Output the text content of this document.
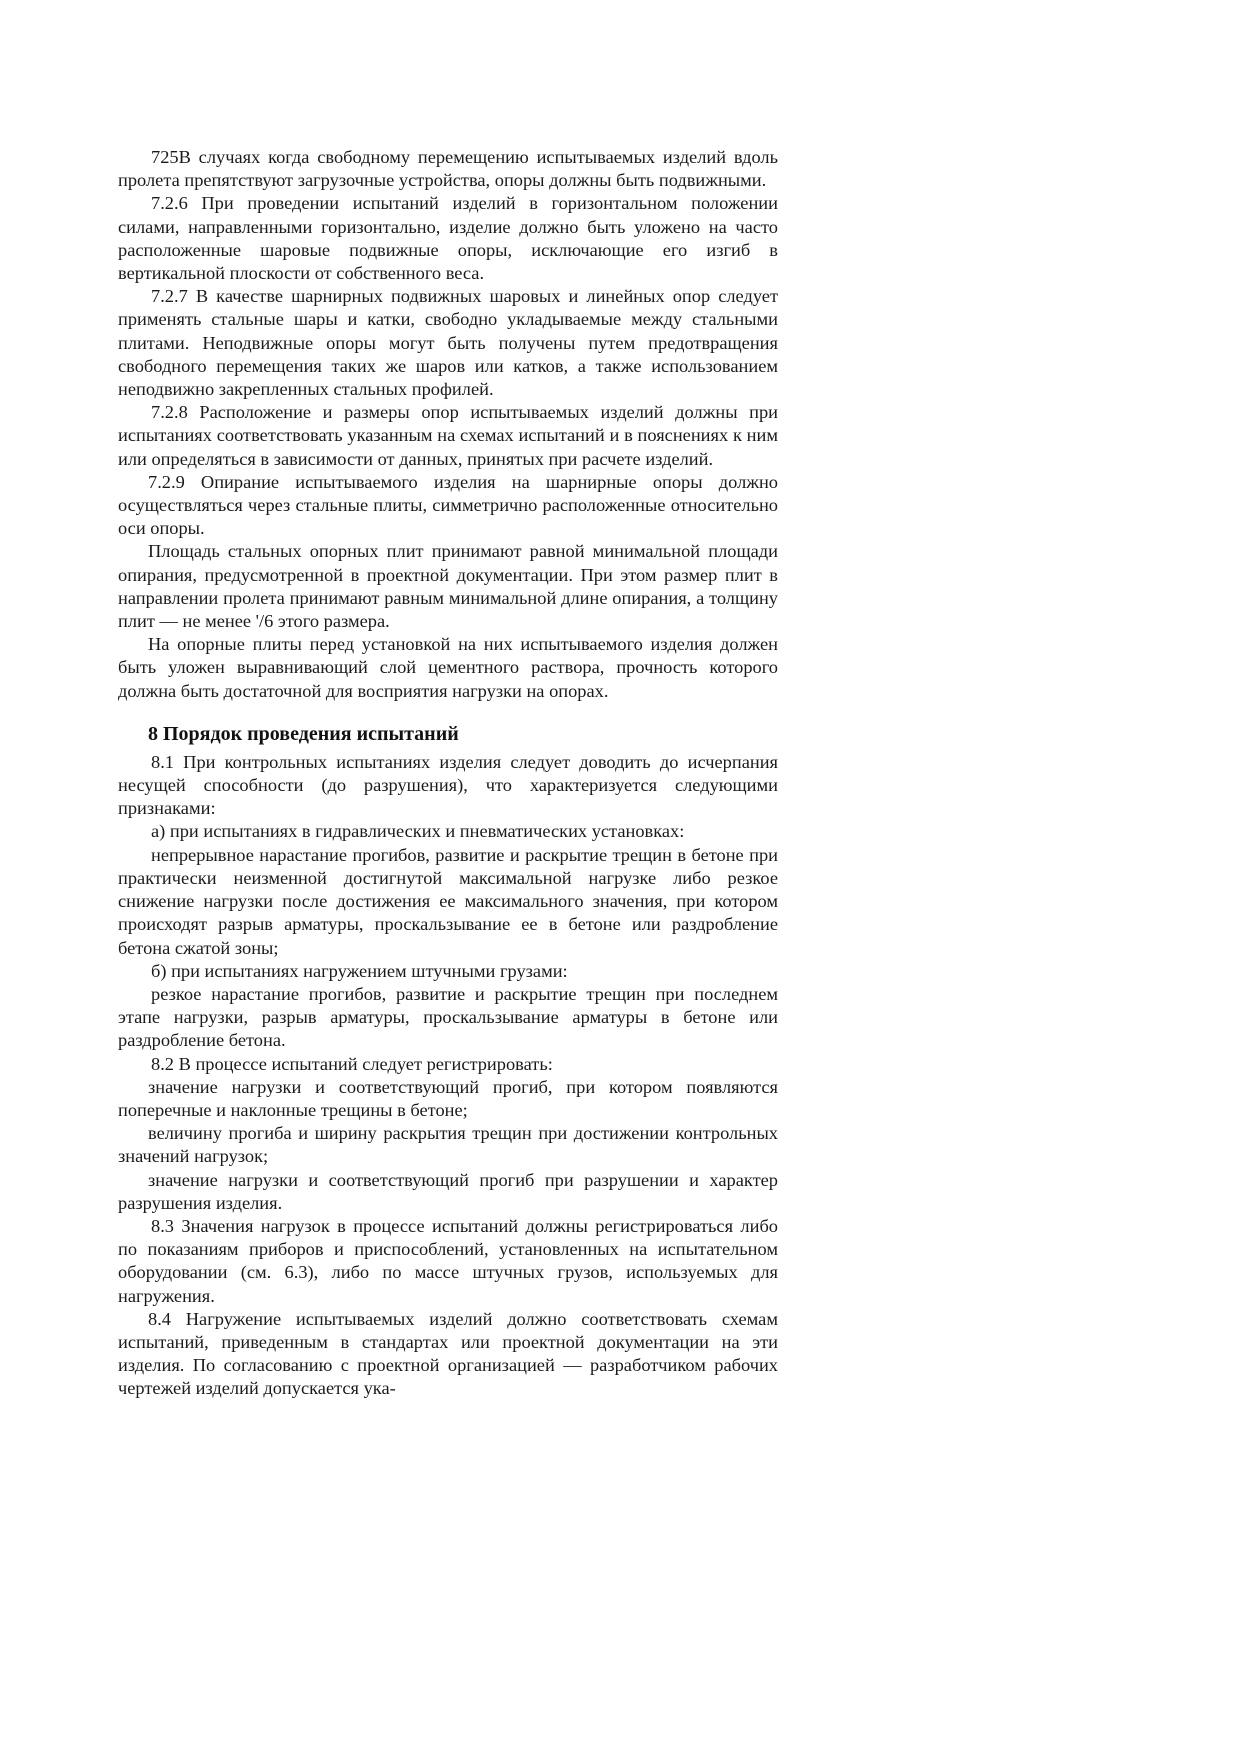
725В случаях когда свободному перемещению испытываемых изделий вдоль пролета препятствуют загрузочные устройства, опоры должны быть подвижными.

7.2.6 При проведении испытаний изделий в горизонтальном положении силами, направленными горизонтально, изделие должно быть уложено на часто расположенные шаровые подвижные опоры, исключающие его изгиб в вертикальной плоскости от собственного веса.

7.2.7 В качестве шарнирных подвижных шаровых и линейных опор следует применять стальные шары и катки, свободно укладываемые между стальными плитами. Неподвижные опоры могут быть получены путем предотвращения свободного перемещения таких же шаров или катков, а также использованием неподвижно закрепленных стальных профилей.

7.2.8 Расположение и размеры опор испытываемых изделий должны при испытаниях соответствовать указанным на схемах испытаний и в пояснениях к ним или определяться в зависимости от данных, принятых при расчете изделий.

7.2.9 Опирание испытываемого изделия на шарнирные опоры должно осуществляться через стальные плиты, симметрично расположенные относительно оси опоры.

Площадь стальных опорных плит принимают равной минимальной площади опирания, предусмотренной в проектной документации. При этом размер плит в направлении пролета принимают равным минимальной длине опирания, а толщину плит — не менее '/6 этого размера.

На опорные плиты перед установкой на них испытываемого изделия должен быть уложен выравнивающий слой цементного раствора, прочность которого должна быть достаточной для восприятия нагрузки на опорах.

8 Порядок проведения испытаний

8.1 При контрольных испытаниях изделия следует доводить до исчерпания несущей способности (до разрушения), что характеризуется следующими признаками:

а) при испытаниях в гидравлических и пневматических установках:

непрерывное нарастание прогибов, развитие и раскрытие трещин в бетоне при практически неизменной достигнутой максимальной нагрузке либо резкое снижение нагрузки после достижения ее максимального значения, при котором происходят разрыв арматуры, проскальзывание ее в бетоне или раздробление бетона сжатой зоны;

б) при испытаниях нагружением штучными грузами:

резкое нарастание прогибов, развитие и раскрытие трещин при последнем этапе нагрузки, разрыв арматуры, проскальзывание арматуры в бетоне или раздробление бетона.

8.2 В процессе испытаний следует регистрировать:

значение нагрузки и соответствующий прогиб, при котором появляются поперечные и наклонные трещины в бетоне;

величину прогиба и ширину раскрытия трещин при достижении контрольных значений нагрузок;

значение нагрузки и соответствующий прогиб при разрушении и характер разрушения изделия.

8.3 Значения нагрузок в процессе испытаний должны регистрироваться либо по показаниям приборов и приспособлений, установленных на испытательном оборудовании (см. 6.3), либо по массе штучных грузов, используемых для нагружения.

8.4 Нагружение испытываемых изделий должно соответствовать схемам испытаний, приведенным в стандартах или проектной документации на эти изделия. По согласованию с проектной организацией — разработчиком рабочих чертежей изделий допускается ука-
